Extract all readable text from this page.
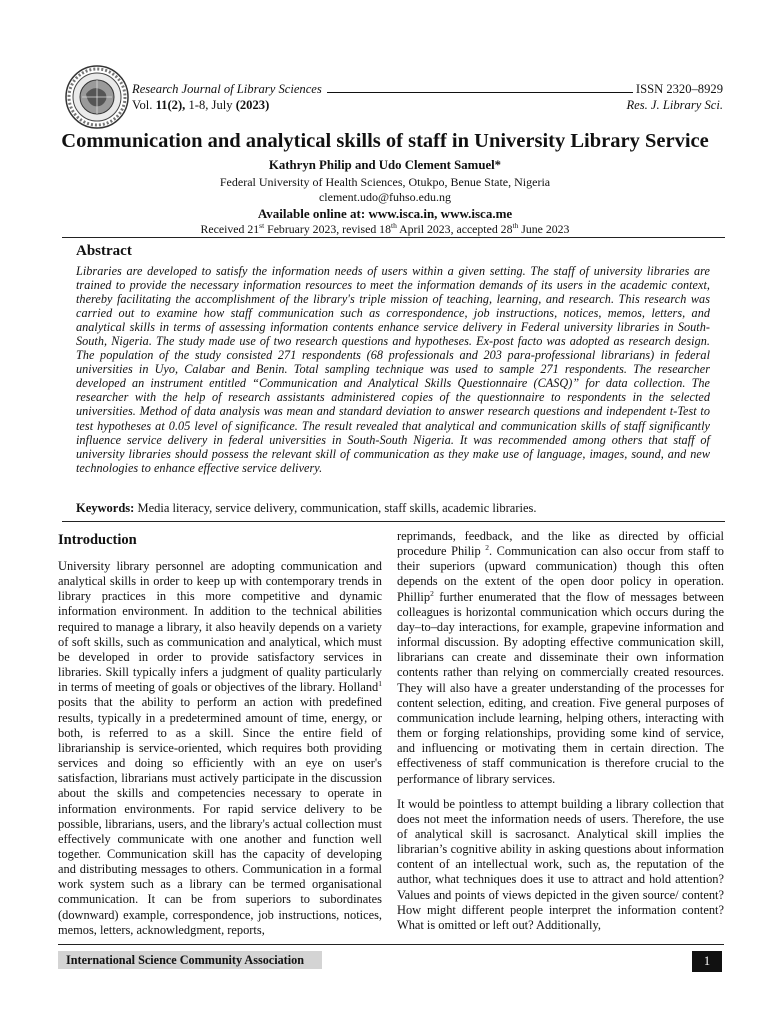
Research Journal of Library Sciences
Vol. 11(2), 1-8, July (2023)
ISSN 2320–8929
Res. J. Library Sci.
Communication and analytical skills of staff in University Library Service
Kathryn Philip and Udo Clement Samuel*
Federal University of Health Sciences, Otukpo, Benue State, Nigeria
clement.udo@fuhso.edu.ng
Available online at: www.isca.in, www.isca.me
Received 21st February 2023, revised 18th April 2023, accepted 28th June 2023
Abstract
Libraries are developed to satisfy the information needs of users within a given setting. The staff of university libraries are trained to provide the necessary information resources to meet the information demands of its users in the academic context, thereby facilitating the accomplishment of the library's triple mission of teaching, learning, and research. This research was carried out to examine how staff communication such as correspondence, job instructions, notices, memos, letters, and analytical skills in terms of assessing information contents enhance service delivery in Federal university libraries in South-South, Nigeria. The study made use of two research questions and hypotheses. Ex-post facto was adopted as research design. The population of the study consisted 271 respondents (68 professionals and 203 para-professional librarians) in federal universities in Uyo, Calabar and Benin. Total sampling technique was used to sample 271 respondents. The researcher developed an instrument entitled “Communication and Analytical Skills Questionnaire (CASQ)” for data collection. The researcher with the help of research assistants administered copies of the questionnaire to respondents in the selected universities. Method of data analysis was mean and standard deviation to answer research questions and independent t-Test to test hypotheses at 0.05 level of significance. The result revealed that analytical and communication skills of staff significantly influence service delivery in federal universities in South-South Nigeria. It was recommended among others that staff of university libraries should possess the relevant skill of communication as they make use of language, images, sound, and new technologies to enhance effective service delivery.
Keywords: Media literacy, service delivery, communication, staff skills, academic libraries.
Introduction

University library personnel are adopting communication and analytical skills in order to keep up with contemporary trends in library practices in this more competitive and dynamic information environment. In addition to the technical abilities required to manage a library, it also heavily depends on a variety of soft skills, such as communication and analytical, which must be developed in order to provide satisfactory services in libraries. Skill typically infers a judgment of quality particularly in terms of meeting of goals or objectives of the library. Holland$^1$ posits that the ability to perform an action with predefined results, typically in a predetermined amount of time, energy, or both, is referred to as a skill. Since the entire field of librarianship is service-oriented, which requires both providing services and doing so efficiently with an eye on user's satisfaction, librarians must actively participate in the discussion about the skills and competencies necessary to operate in information environments. For rapid service delivery to be possible, librarians, users, and the library's actual collection must effectively communicate with one another and function well together. Communication skill has the capacity of developing and distributing messages to others. Communication in a formal work system such as a library can be termed organisational communication. It can be from superiors to subordinates (downward) example, correspondence, job instructions, notices, memos, letters, acknowledgment, reports,

reprimands, feedback, and the like as directed by official procedure Philip $^2$. Communication can also occur from staff to their superiors (upward communication) though this often depends on the extent of the open door policy in operation. Phillip$^2$ further enumerated that the flow of messages between colleagues is horizontal communication which occurs during the day–to–day interactions, for example, grapevine information and informal discussion. By adopting effective communication skill, librarians can create and disseminate their own information contents rather than relying on commercially created resources. They will also have a greater understanding of the processes for content selection, editing, and creation. Five general purposes of communication include learning, helping others, interacting with them or forging relationships, providing some kind of service, and influencing or motivating them in certain direction. The effectiveness of staff communication is therefore crucial to the performance of library services.

It would be pointless to attempt building a library collection that does not meet the information needs of users. Therefore, the use of analytical skill is sacrosanct. Analytical skill implies the librarian’s cognitive ability in asking questions about information content of an intellectual work, such as, the reputation of the author, what techniques does it use to attract and hold attention? Values and points of views depicted in the given source/ content? How might different people interpret the information content? What is omitted or left out? Additionally,

International Science Community Association	1
